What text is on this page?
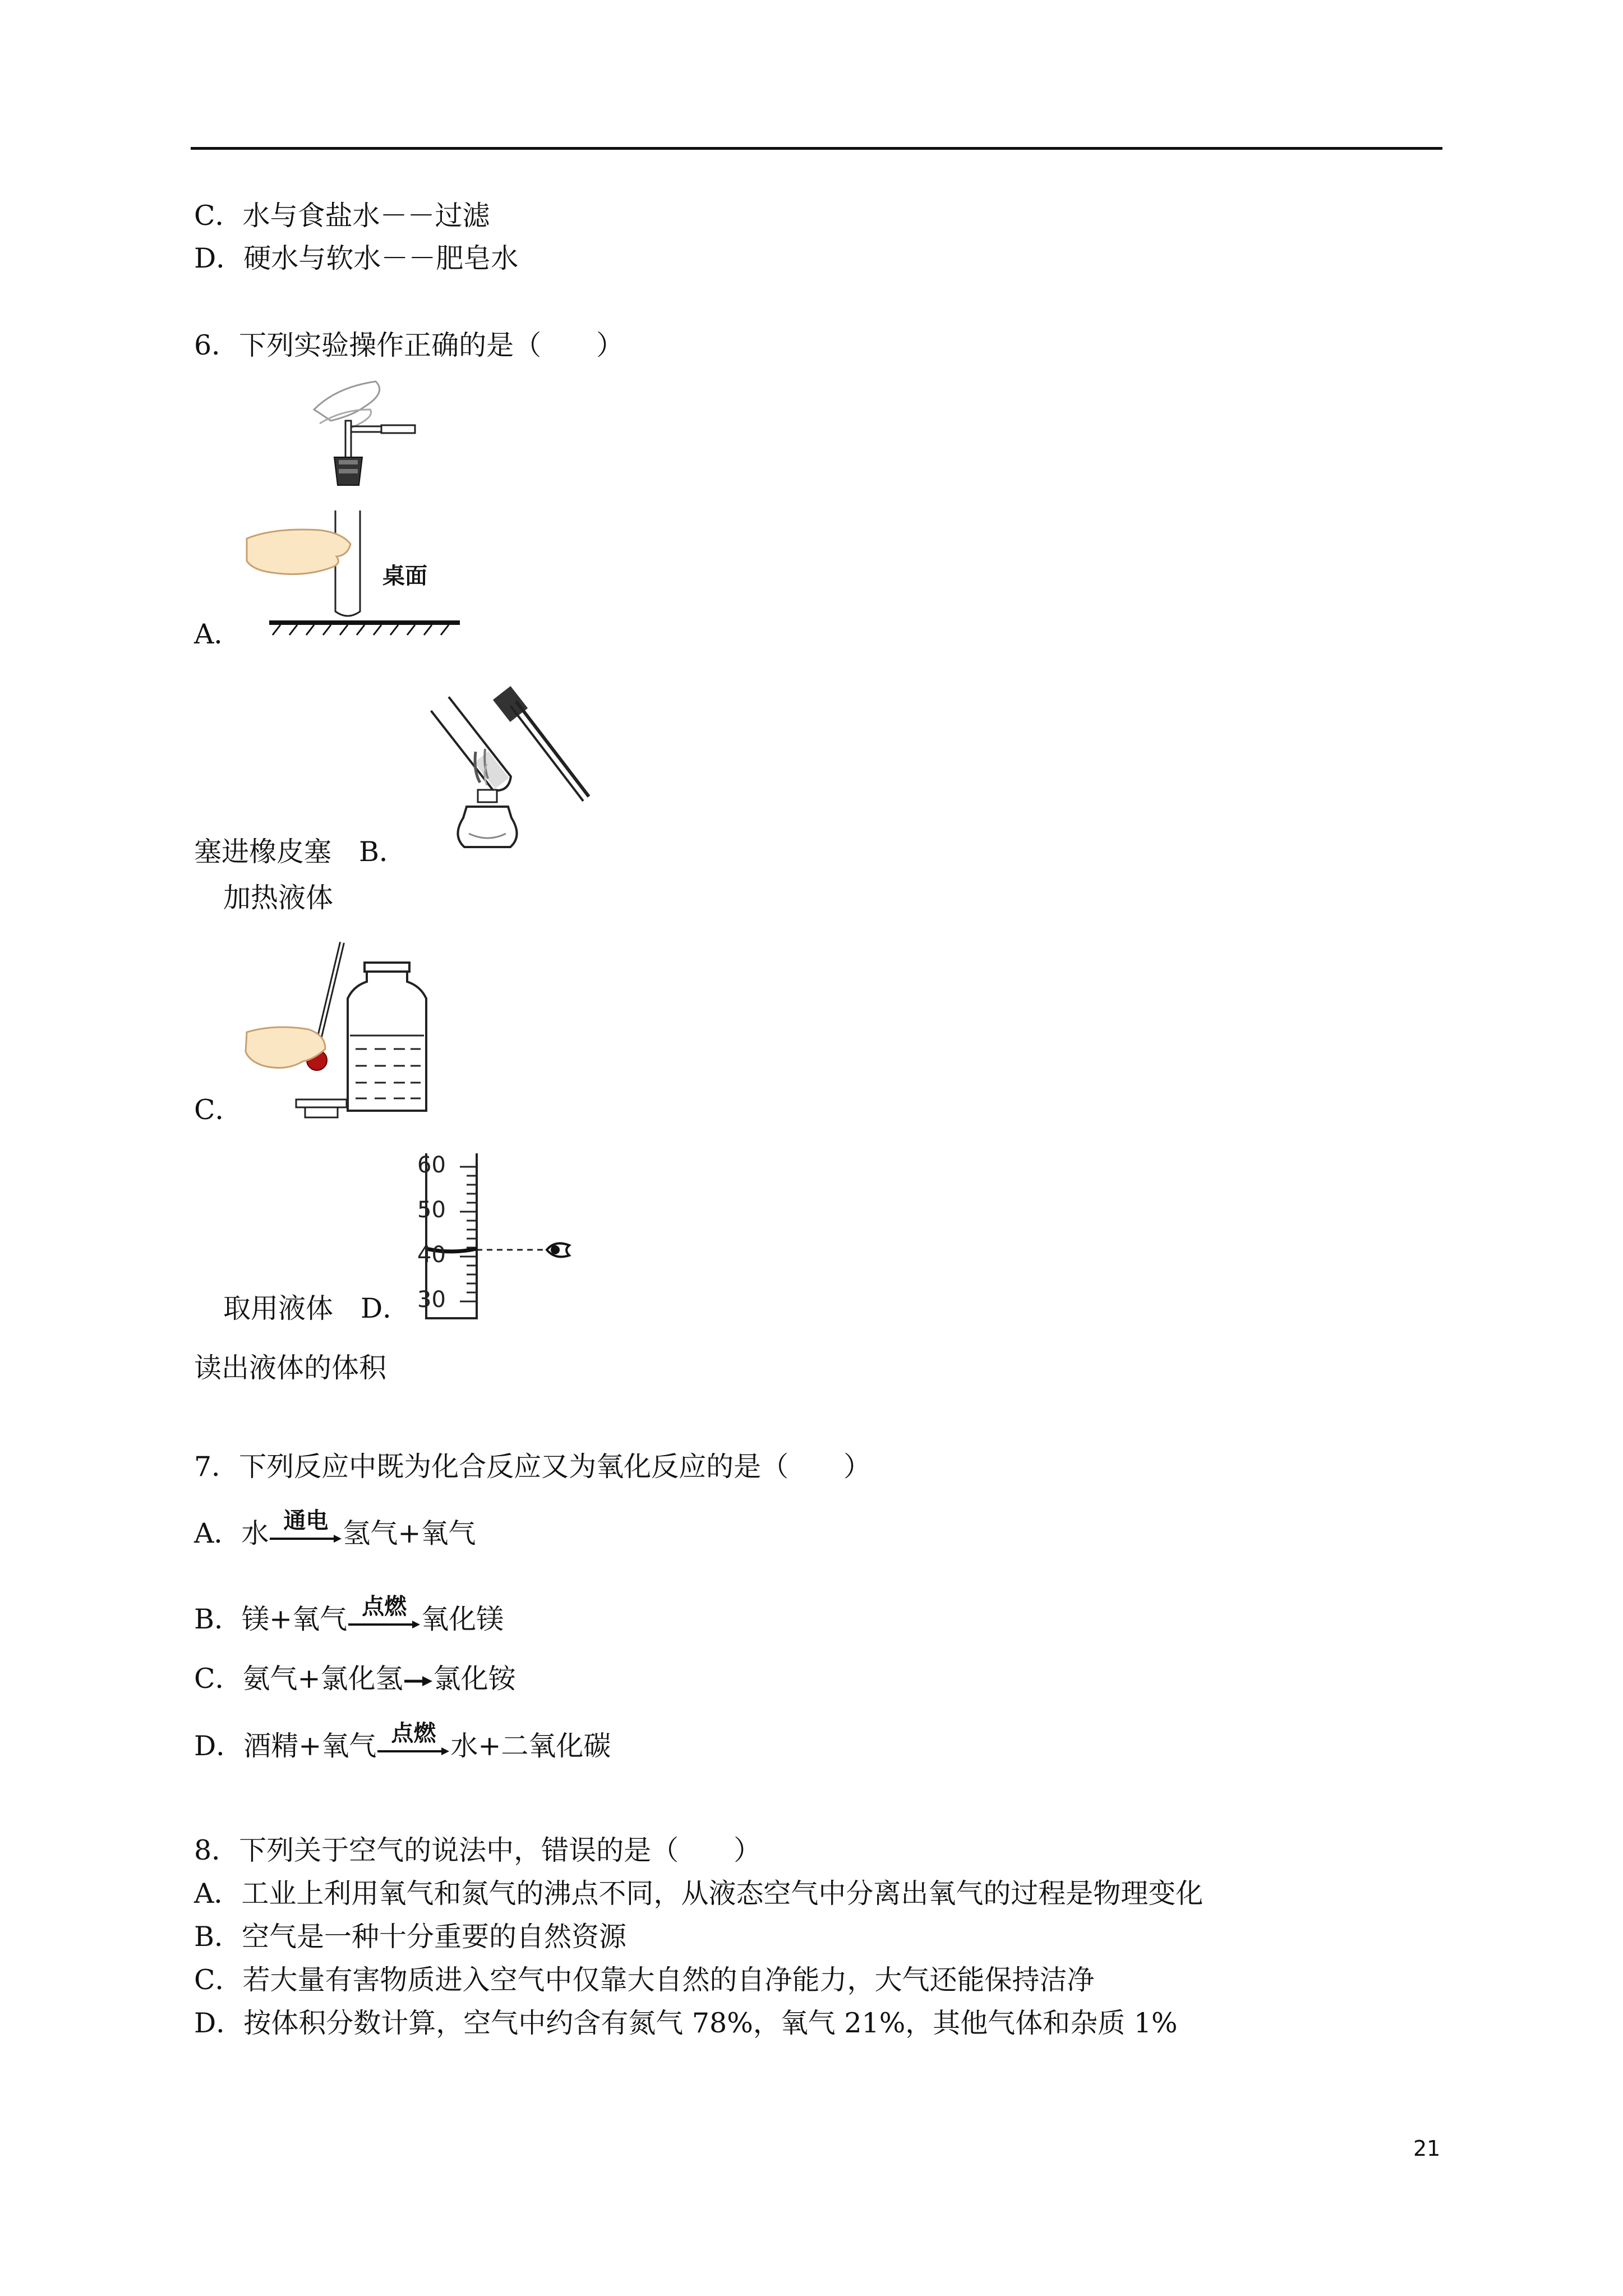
C．水与食盐水－－过滤
D．硬水与软水－－肥皂水
6．下列实验操作正确的是（　　）
桌面
A．
塞进橡皮塞　B．
加热液体
C．
60
50
40
30
取用液体　D．
读出液体的体积
7．下列反应中既为化合反应又为氧化反应的是（　　）
A．水 通电 氢气+氧气
B．镁+氧气 点燃 氧化镁
C．氨气+氯化氢 氯化铵
D．酒精+氧气 点燃 水+二氧化碳
8．下列关于空气的说法中，错误的是（　　）
A．工业上利用氧气和氮气的沸点不同，从液态空气中分离出氧气的过程是物理变化
B．空气是一种十分重要的自然资源
C．若大量有害物质进入空气中仅靠大自然的自净能力，大气还能保持洁净
D．按体积分数计算，空气中约含有氮气 78%，氧气 21%，其他气体和杂质 1%
21
